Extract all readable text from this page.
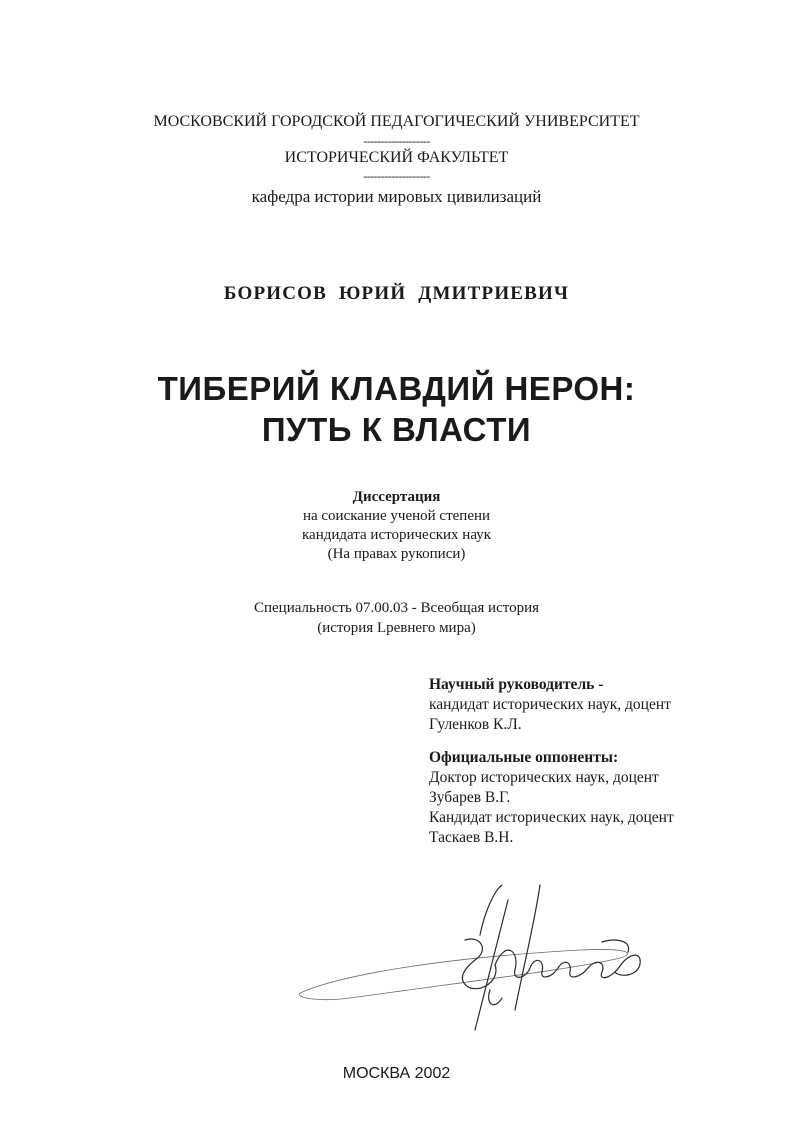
МОСКОВСКИЙ ГОРОДСКОЙ ПЕДАГОГИЧЕСКИЙ УНИВЕРСИТЕТ
-------------------
ИСТОРИЧЕСКИЙ ФАКУЛЬТЕТ
-------------------
кафедра истории мировых цивилизаций
БОРИСОВ ЮРИЙ ДМИТРИЕВИЧ
ТИБЕРИЙ КЛАВДИЙ НЕРОН:
ПУТЬ К ВЛАСТИ
Диссертация
на соискание ученой степени
кандидата исторических наук
(На правах рукописи)
Специальность 07.00.03 - Всеобщая история
(история Lревнего мира)
Научный руководитель -
кандидат исторических наук, доцент
Гуленков К.Л.
Официальные оппоненты:
Доктор исторических наук, доцент
Зубарев В.Г.
Кандидат исторических наук, доцент
Таскаев В.Н.
МОСКВА 2002
